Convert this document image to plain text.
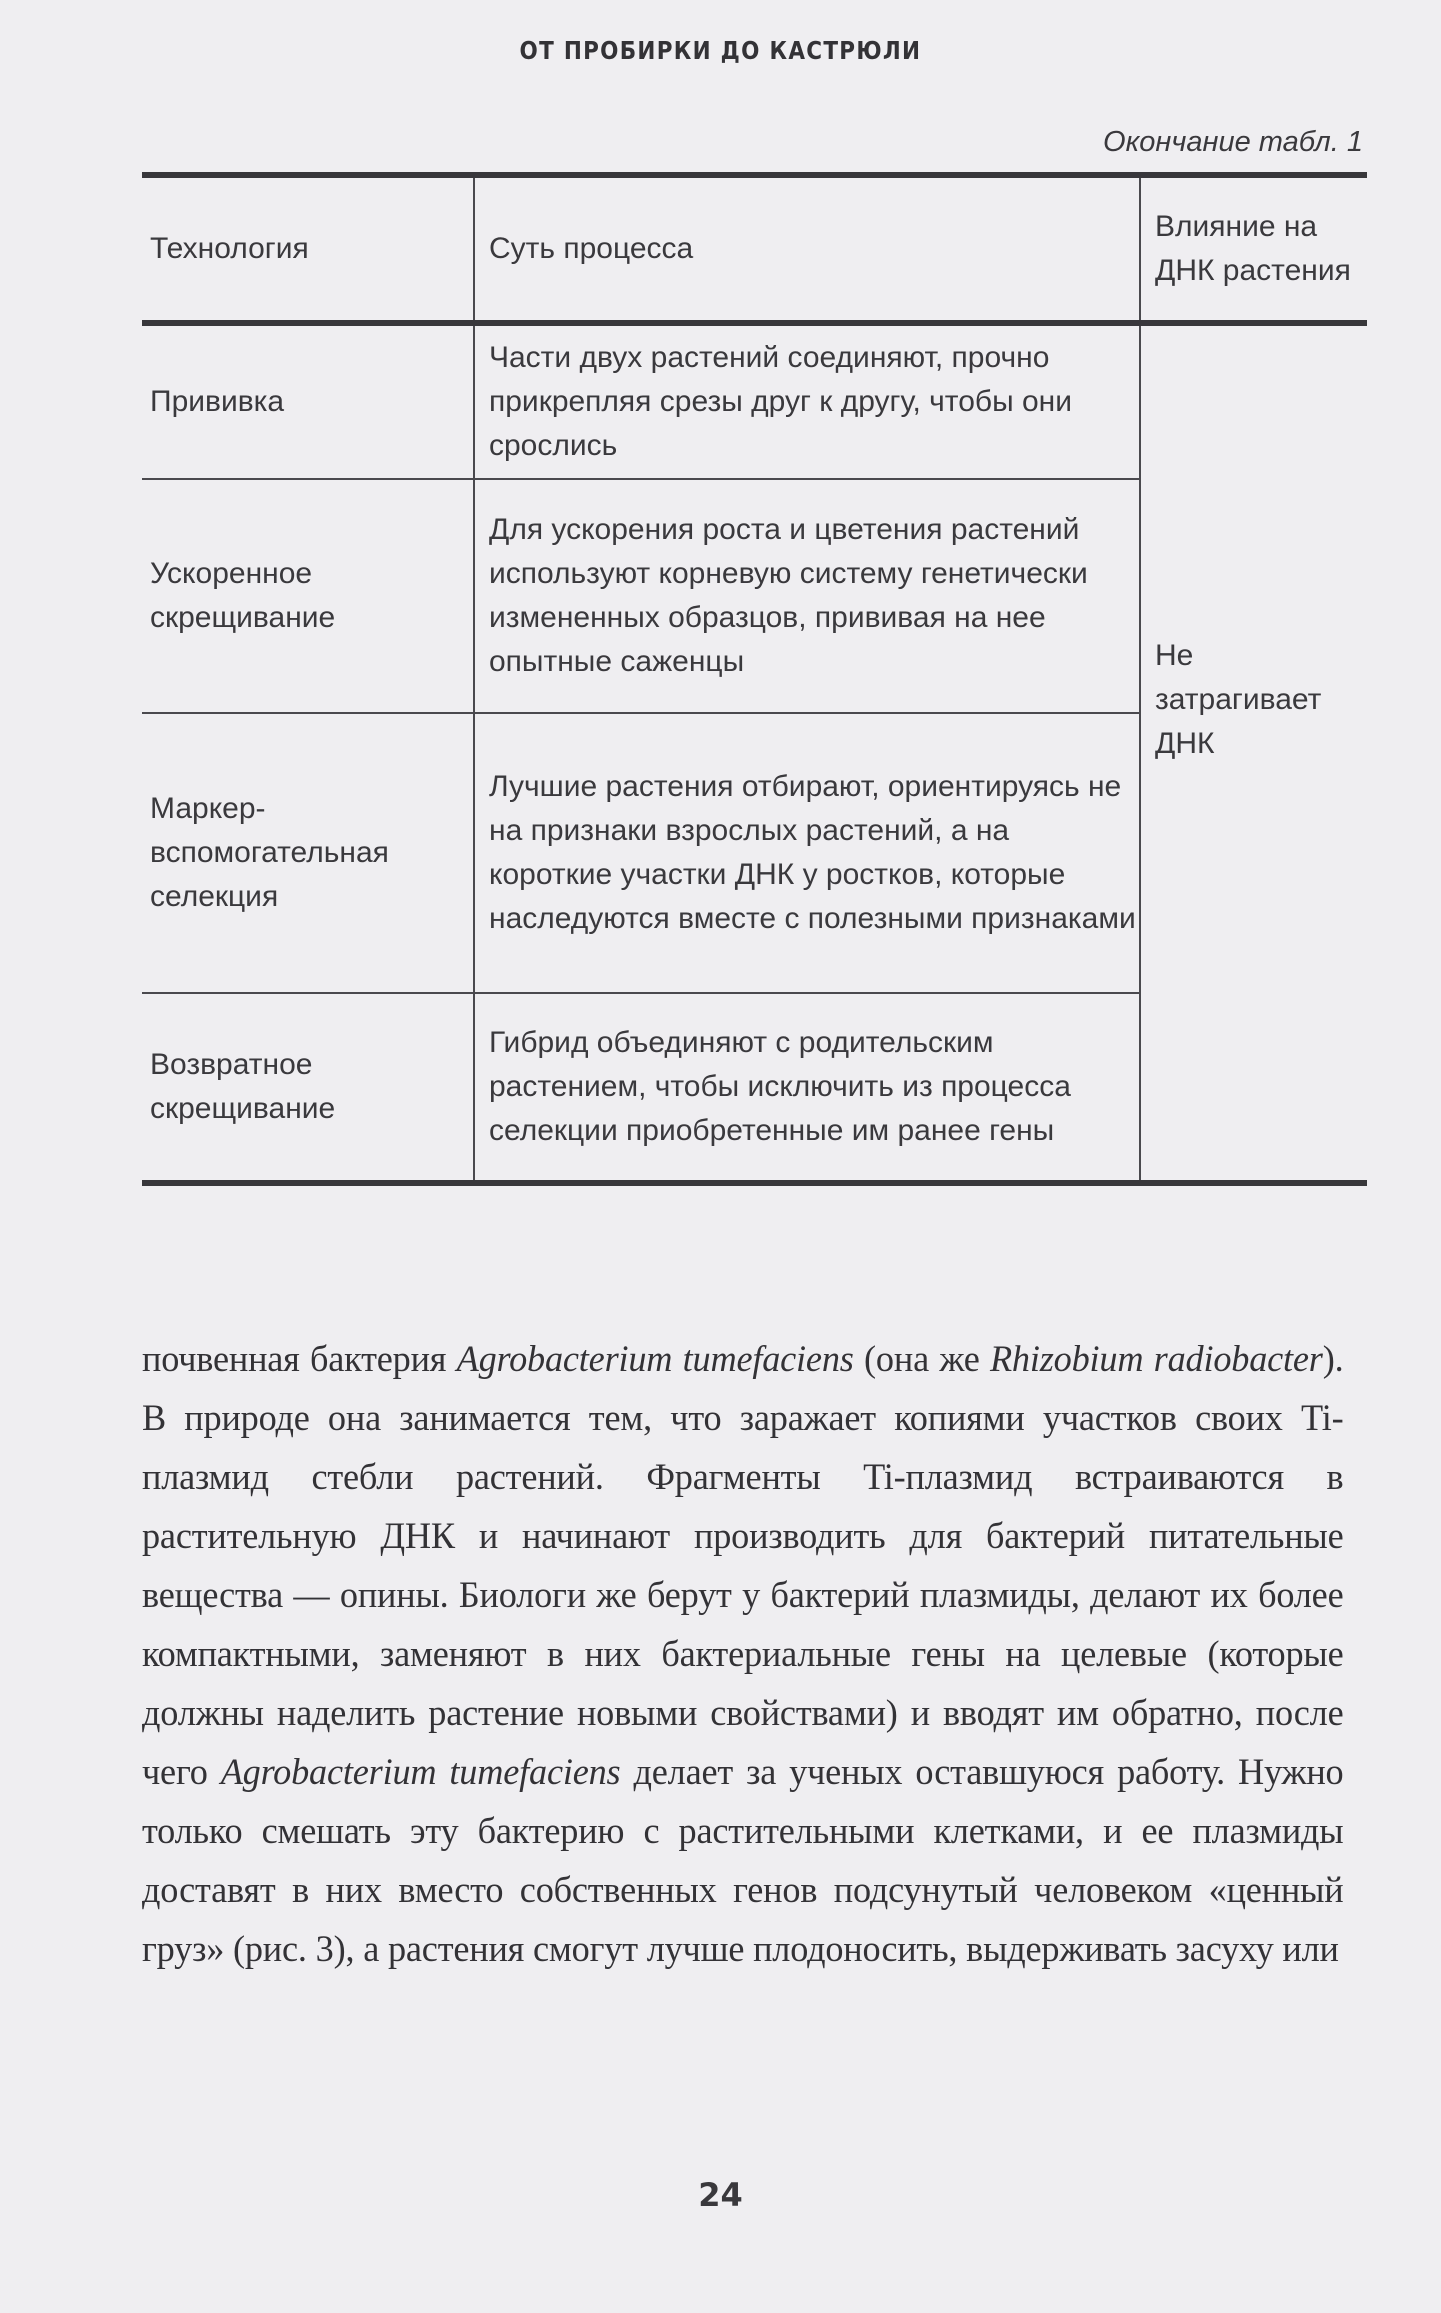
ОТ ПРОБИРКИ ДО КАСТРЮЛИ
Окончание табл. 1
Технология	Суть процесса	Влияние на ДНК растения
Прививка	Части двух растений соединяют, прочно прикрепляя срезы друг к другу, чтобы они срослись	Не затрагивает ДНК
Ускоренное скрещивание	Для ускорения роста и цветения растений используют корневую систему генетически измененных образцов, прививая на нее опытные саженцы	
Маркер-вспомогательная селекция	Лучшие растения отбирают, ориентируясь не на признаки взрослых растений, а на короткие участки ДНК у ростков, которые наследуются вместе с полезными признаками	
Возвратное скрещивание	Гибрид объединяют с родительским растением, чтобы исключить из процесса селекции приобретенные им ранее гены	

почвенная бактерия Agrobacterium tumefaciens (она же Rhizobium radiobacter). В природе она занимается тем, что заражает копиями участков своих Ti-плазмид стебли растений. Фрагменты Ti-плазмид встраиваются в растительную ДНК и начинают производить для бактерий питательные вещества — опины. Биологи же берут у бактерий плазмиды, делают их более компактными, заменяют в них бактериальные гены на целевые (которые должны наделить растение новыми свойствами) и вводят им обратно, после чего Agrobacterium tumefaciens делает за ученых оставшуюся работу. Нужно только смешать эту бактерию с растительными клетками, и ее плазмиды доставят в них вместо собственных генов подсунутый человеком «ценный груз» (рис. 3), а растения смогут лучше плодоносить, выдерживать засуху или

24
